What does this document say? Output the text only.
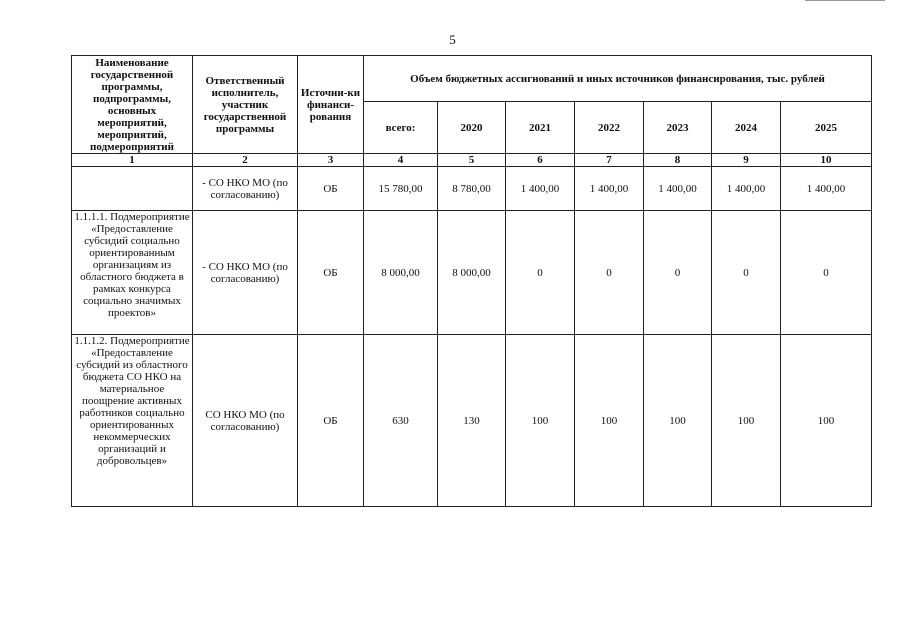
5
Наименование государственной программы, подпрограммы, основных мероприятий, мероприятий, подмероприятий	Ответственный исполнитель, участник государственной программы	Источни-ки финанси-рования	Объем бюджетных ассигнований и иных источников финансирования, тыс. рублей						
			всего:	2020	2021	2022	2023	2024	2025
1	2	3	4	5	6	7	8	9	10
	- СО НКО МО (по согласованию)	ОБ	15 780,00	8 780,00	1 400,00	1 400,00	1 400,00	1 400,00	1 400,00
1.1.1.1. Подмероприятие «Предоставление субсидий социально ориентированным организациям из областного бюджета в рамках конкурса социально значимых проектов»	- СО НКО МО (по согласованию)	ОБ	8 000,00	8 000,00	0	0	0	0	0
1.1.1.2. Подмероприятие «Предоставление субсидий из областного бюджета СО НКО на материальное поощрение активных работников социально ориентированных некоммерческих организаций и добровольцев»	СО НКО МО (по согласованию)	ОБ	630	130	100	100	100	100	100
